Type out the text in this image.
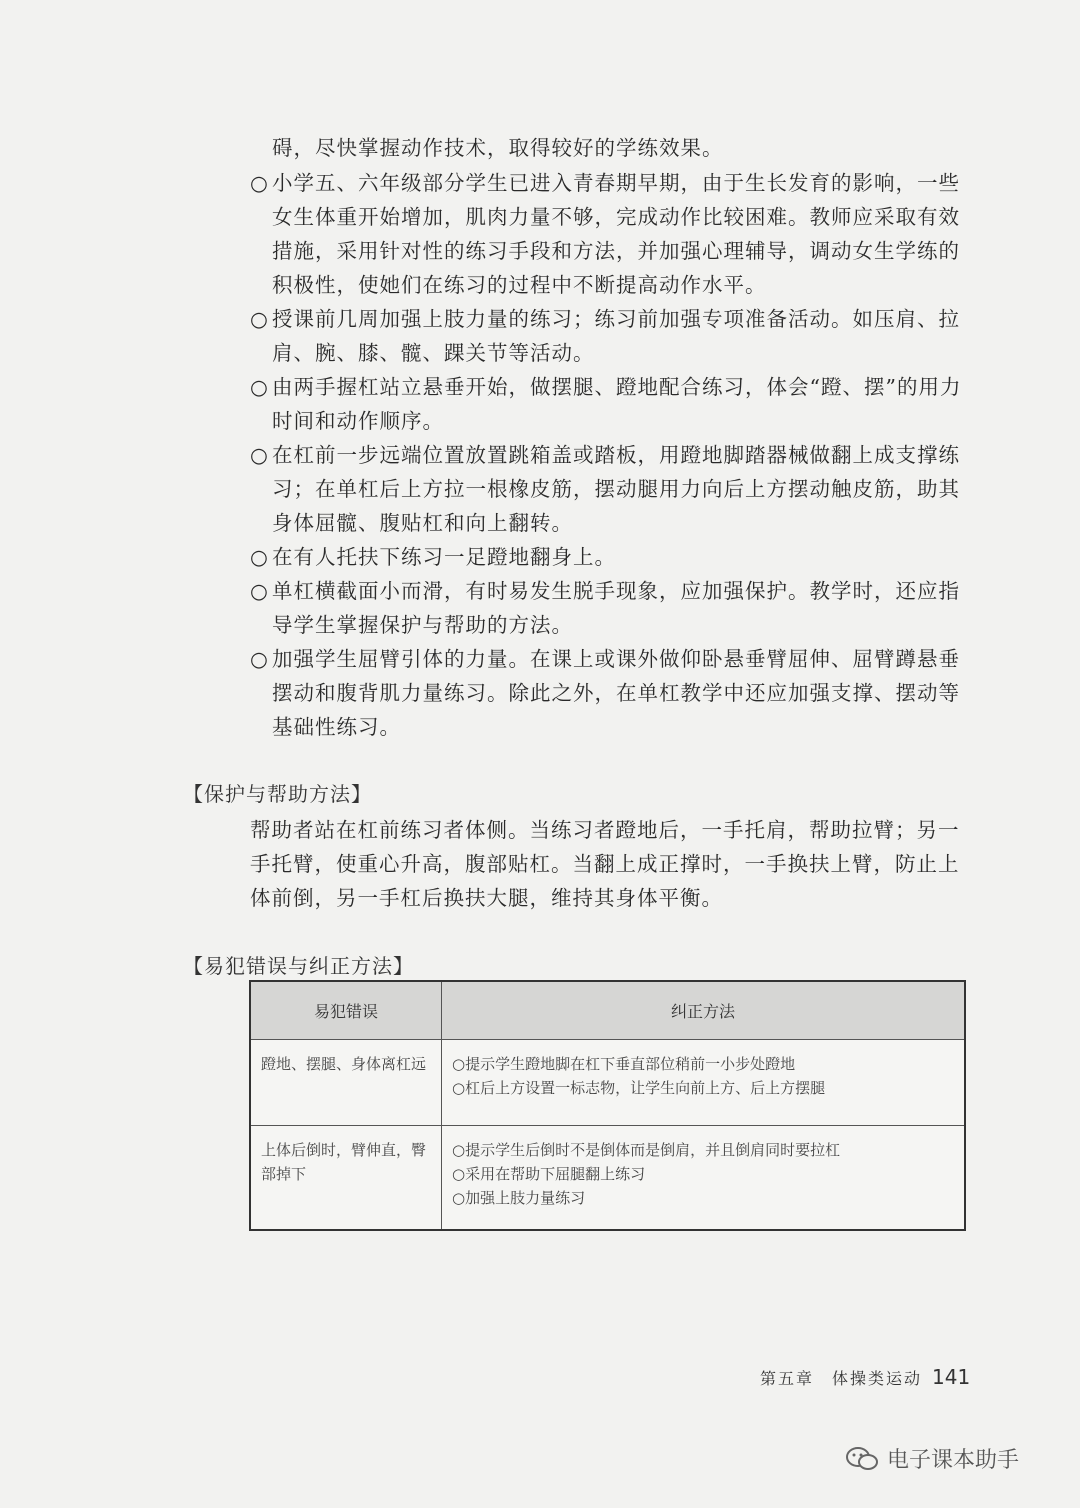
碍，尽快掌握动作技术，取得较好的学练效果。

○ 小学五、六年级部分学生已进入青春期早期，由于生长发育的影响，一些女生体重开始增加，肌肉力量不够，完成动作比较困难。教师应采取有效措施，采用针对性的练习手段和方法，并加强心理辅导，调动女生学练的积极性，使她们在练习的过程中不断提高动作水平。

○ 授课前几周加强上肢力量的练习；练习前加强专项准备活动。如压肩、拉肩、腕、膝、髋、踝关节等活动。

○ 由两手握杠站立悬垂开始，做摆腿、蹬地配合练习，体会“蹬、摆”的用力时间和动作顺序。

○ 在杠前一步远端位置放置跳箱盖或踏板，用蹬地脚踏器械做翻上成支撑练习；在单杠后上方拉一根橡皮筋，摆动腿用力向后上方摆动触皮筋，助其身体屈髋、腹贴杠和向上翻转。

○ 在有人托扶下练习一足蹬地翻身上。

○ 单杠横截面小而滑，有时易发生脱手现象，应加强保护。教学时，还应指导学生掌握保护与帮助的方法。

○ 加强学生屈臂引体的力量。在课上或课外做仰卧悬垂臂屈伸、屈臂蹲悬垂摆动和腹背肌力量练习。除此之外，在单杠教学中还应加强支撑、摆动等基础性练习。

【保护与帮助方法】
帮助者站在杠前练习者体侧。当练习者蹬地后，一手托肩，帮助拉臂；另一手托臂，使重心升高，腹部贴杠。当翻上成正撑时，一手换扶上臂，防止上体前倒，另一手杠后换扶大腿，维持其身体平衡。
【易犯错误与纠正方法】
易犯错误	纠正方法
蹬地、摆腿、身体离杠远	○提示学生蹬地脚在杠下垂直部位稍前一小步处蹬地
○杠后上方设置一标志物，让学生向前上方、后上方摆腿

上体后倒时，臂伸直，臀部掉下	○提示学生后倒时不是倒体而是倒肩，并且倒肩同时要拉杠
○采用在帮助下屈腿翻上练习
○加强上肢力量练习
第五章　体操类运动 141
电子课本助手
